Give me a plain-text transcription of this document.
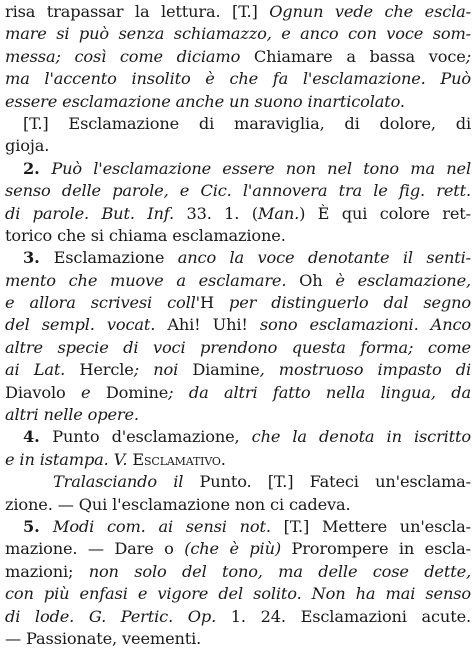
risa trapassar la lettura. [T.] Ognun vede che escla-
mare si può senza schiamazzo, e anco con voce som-
messa; così come diciamo Chiamare a bassa voce;
ma l'accento insolito è che fa l'esclamazione. Può
essere esclamazione anche un suono inarticolato.
[T.] Esclamazione di maraviglia, di dolore, di
gioja.
2. Può l'esclamazione essere non nel tono ma nel
senso delle parole, e Cic. l'annovera tra le fig. rett.
di parole. But. Inf. 33. 1. (Man.) È qui colore ret-
torico che si chiama esclamazione.
3. Esclamazione anco la voce denotante il senti-
mento che muove a esclamare. Oh è esclamazione,
e allora scrivesi coll'H per distinguerlo dal segno
del sempl. vocat. Ahi! Uhi! sono esclamazioni. Anco
altre specie di voci prendono questa forma; come
ai Lat. Hercle; noi Diamine, mostruoso impasto di
Diavolo e Domine; da altri fatto nella lingua, da
altri nelle opere.
4. Punto d'esclamazione, che la denota in iscritto
e in istampa. V. Esclamativo.
Tralasciando il Punto. [T.] Fateci un'esclama-
zione. — Qui l'esclamazione non ci cadeva.
5. Modi com. ai sensi not. [T.] Mettere un'escla-
mazione. — Dare o (che è più) Prorompere in escla-
mazioni; non solo del tono, ma delle cose dette,
con più enfasi e vigore del solito. Non ha mai senso
di lode. G. Pertic. Op. 1. 24. Esclamazioni acute.
— Passionate, veementi.
